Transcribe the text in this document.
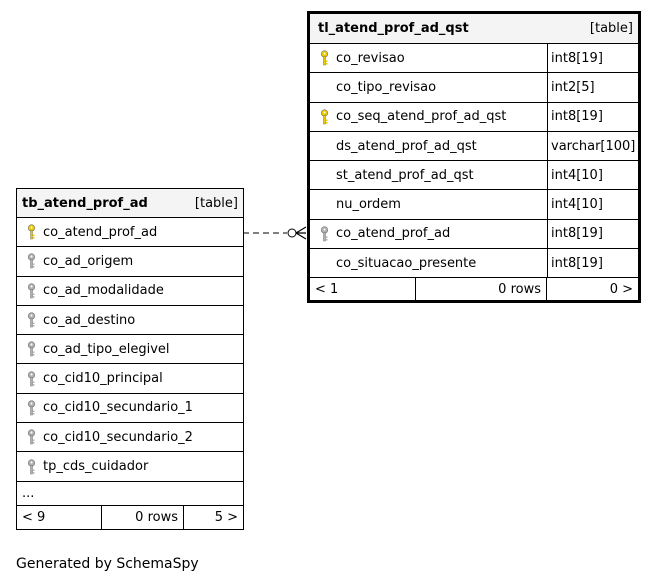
tb_atend_prof_ad	[table]
co_atend_prof_ad
co_ad_origem
co_ad_modalidade
co_ad_destino
co_ad_tipo_elegivel
co_cid10_principal
co_cid10_secundario_1
co_cid10_secundario_2
tp_cds_cuidador
...
< 9	0 rows	5 >
tl_atend_prof_ad_qst	[table]
co_revisao	int8[19]
co_tipo_revisao	int2[5]
co_seq_atend_prof_ad_qst	int8[19]
ds_atend_prof_ad_qst	varchar[100]
st_atend_prof_ad_qst	int4[10]
nu_ordem	int4[10]
co_atend_prof_ad	int8[19]
co_situacao_presente	int8[19]
< 1	0 rows	0 >
Generated by SchemaSpy
